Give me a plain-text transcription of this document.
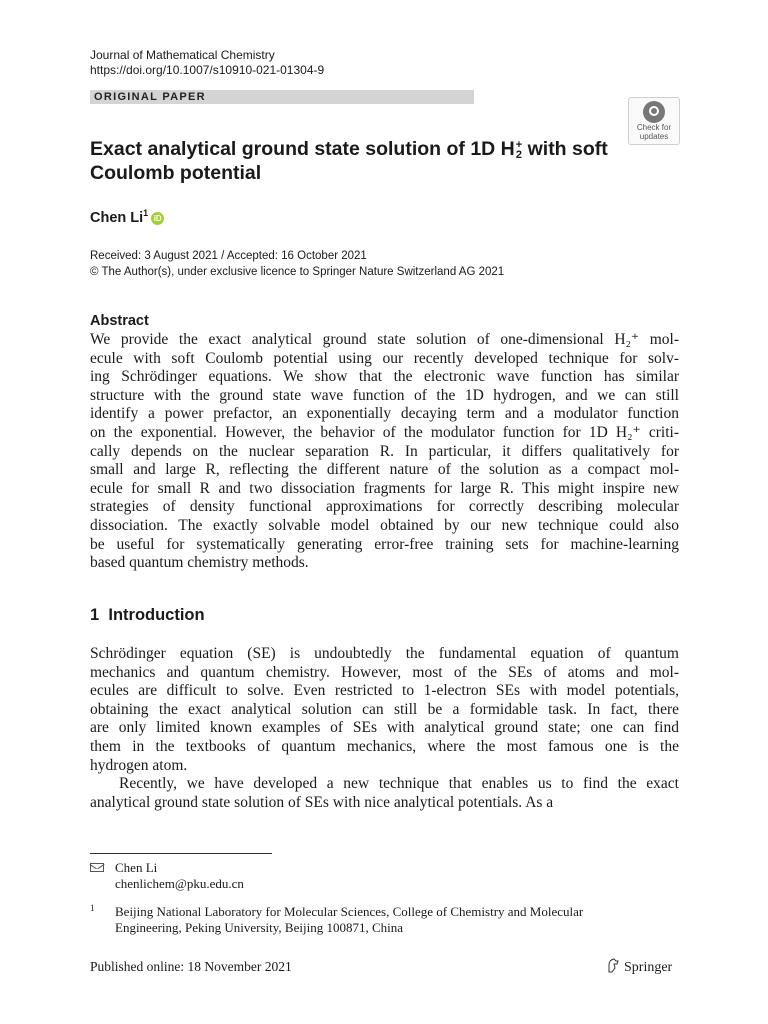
Journal of Mathematical Chemistry
https://doi.org/10.1007/s10910-021-01304-9
ORIGINAL PAPER
Check for
updates
Exact analytical ground state solution of 1D H +
2 with soft
Coulomb potential
Chen Li$^1$iD
Received: 3 August 2021 / Accepted: 16 October 2021
© The Author(s), under exclusive licence to Springer Nature Switzerland AG 2021
Abstract
We provide the exact analytical ground state solution of one-dimensional H₂⁺ mol-
ecule with soft Coulomb potential using our recently developed technique for solv-
ing Schrödinger equations. We show that the electronic wave function has similar
structure with the ground state wave function of the 1D hydrogen, and we can still
identify a power prefactor, an exponentially decaying term and a modulator function
on the exponential. However, the behavior of the modulator function for 1D H₂⁺ criti-
cally depends on the nuclear separation R. In particular, it differs qualitatively for
small and large R, reflecting the different nature of the solution as a compact mol-
ecule for small R and two dissociation fragments for large R. This might inspire new
strategies of density functional approximations for correctly describing molecular
dissociation. The exactly solvable model obtained by our new technique could also
be useful for systematically generating error-free training sets for machine-learning
based quantum chemistry methods.
1 Introduction
Schrödinger equation (SE) is undoubtedly the fundamental equation of quantum
mechanics and quantum chemistry. However, most of the SEs of atoms and mol-
ecules are difficult to solve. Even restricted to 1-electron SEs with model potentials,
obtaining the exact analytical solution can still be a formidable task. In fact, there
are only limited known examples of SEs with analytical ground state; one can find
them in the textbooks of quantum mechanics, where the most famous one is the
hydrogen atom.
Recently, we have developed a new technique that enables us to find the exact
analytical ground state solution of SEs with nice analytical potentials. As a
Chen Li
chenlichem@pku.edu.cn
1 Beijing National Laboratory for Molecular Sciences, College of Chemistry and Molecular Engineering, Peking University, Beijing 100871, China
Published online: 18 November 2021	Springer
